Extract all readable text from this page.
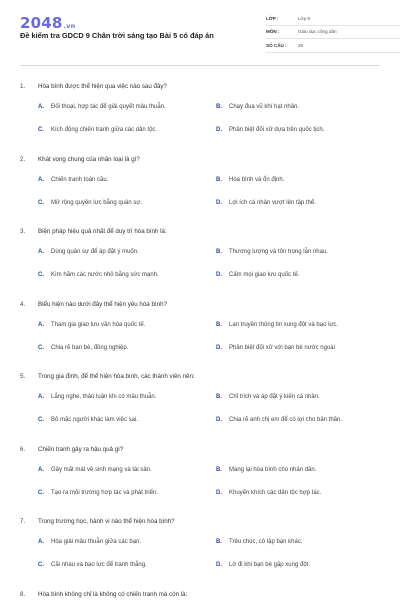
2048.vn
Đề kiểm tra GDCD 9 Chân trời sáng tạo Bài 5 có đáp án
LỚP :	Lớp 9
MÔN :	Giáo dục công dân
SỐ CÂU :	28
1. Hòa bình được thể hiện qua việc nào sau đây?
A. Đối thoại, hợp tác để giải quyết mâu thuẫn.	B. Chạy đua vũ khí hạt nhân.
C. Kích động chiến tranh giữa các dân tộc.	D. Phân biệt đối xử dựa trên quốc tịch.
2. Khát vọng chung của nhân loại là gì?
A. Chiến tranh toàn cầu.	B. Hòa bình và ổn định.
C. Mở rộng quyền lực bằng quân sự.	D. Lợi ích cá nhân vượt lên tập thể.
3. Biện pháp hiệu quả nhất để duy trì hòa bình là:
A. Dùng quân sự để áp đặt ý muốn.	B. Thương lượng và tôn trọng lẫn nhau.
C. Kìm hãm các nước nhỏ bằng sức mạnh.	D. Cấm mọi giao lưu quốc tế.
4. Biểu hiện nào dưới đây thể hiện yêu hòa bình?
A. Tham gia giao lưu văn hóa quốc tế.	B. Lan truyền thông tin xung đột và bạo lực.
C. Chia rẽ bạn bè, đồng nghiệp.	D. Phân biệt đối xử với bạn bè nước ngoài
5. Trong gia đình, để thể hiện hòa bình, các thành viên nên:
A. Lắng nghe, thảo luận khi có mâu thuẫn.	B. Chỉ trích và áp đặt ý kiến cá nhân.
C. Bỏ mặc người khác làm việc sai.	D. Chia rẽ anh chị em để có lợi cho bản thân.
6. Chiến tranh gây ra hậu quả gì?
A. Gây mất mát về sinh mạng và tài sản.	B. Mang lại hòa bình cho nhân dân.
C. Tạo ra môi trường hợp tác và phát triển.	D. Khuyến khích các dân tộc hợp tác.
7. Trong trường học, hành vi nào thể hiện hòa bình?
A. Hòa giải mâu thuẫn giữa các bạn.	B. Trêu chọc, cô lập bạn khác.
C. Cãi nhau và bạo lực để tranh thắng.	D. Lờ đi khi bạn bè gặp xung đột.
8. Hòa bình không chỉ là không có chiến tranh mà còn là:
